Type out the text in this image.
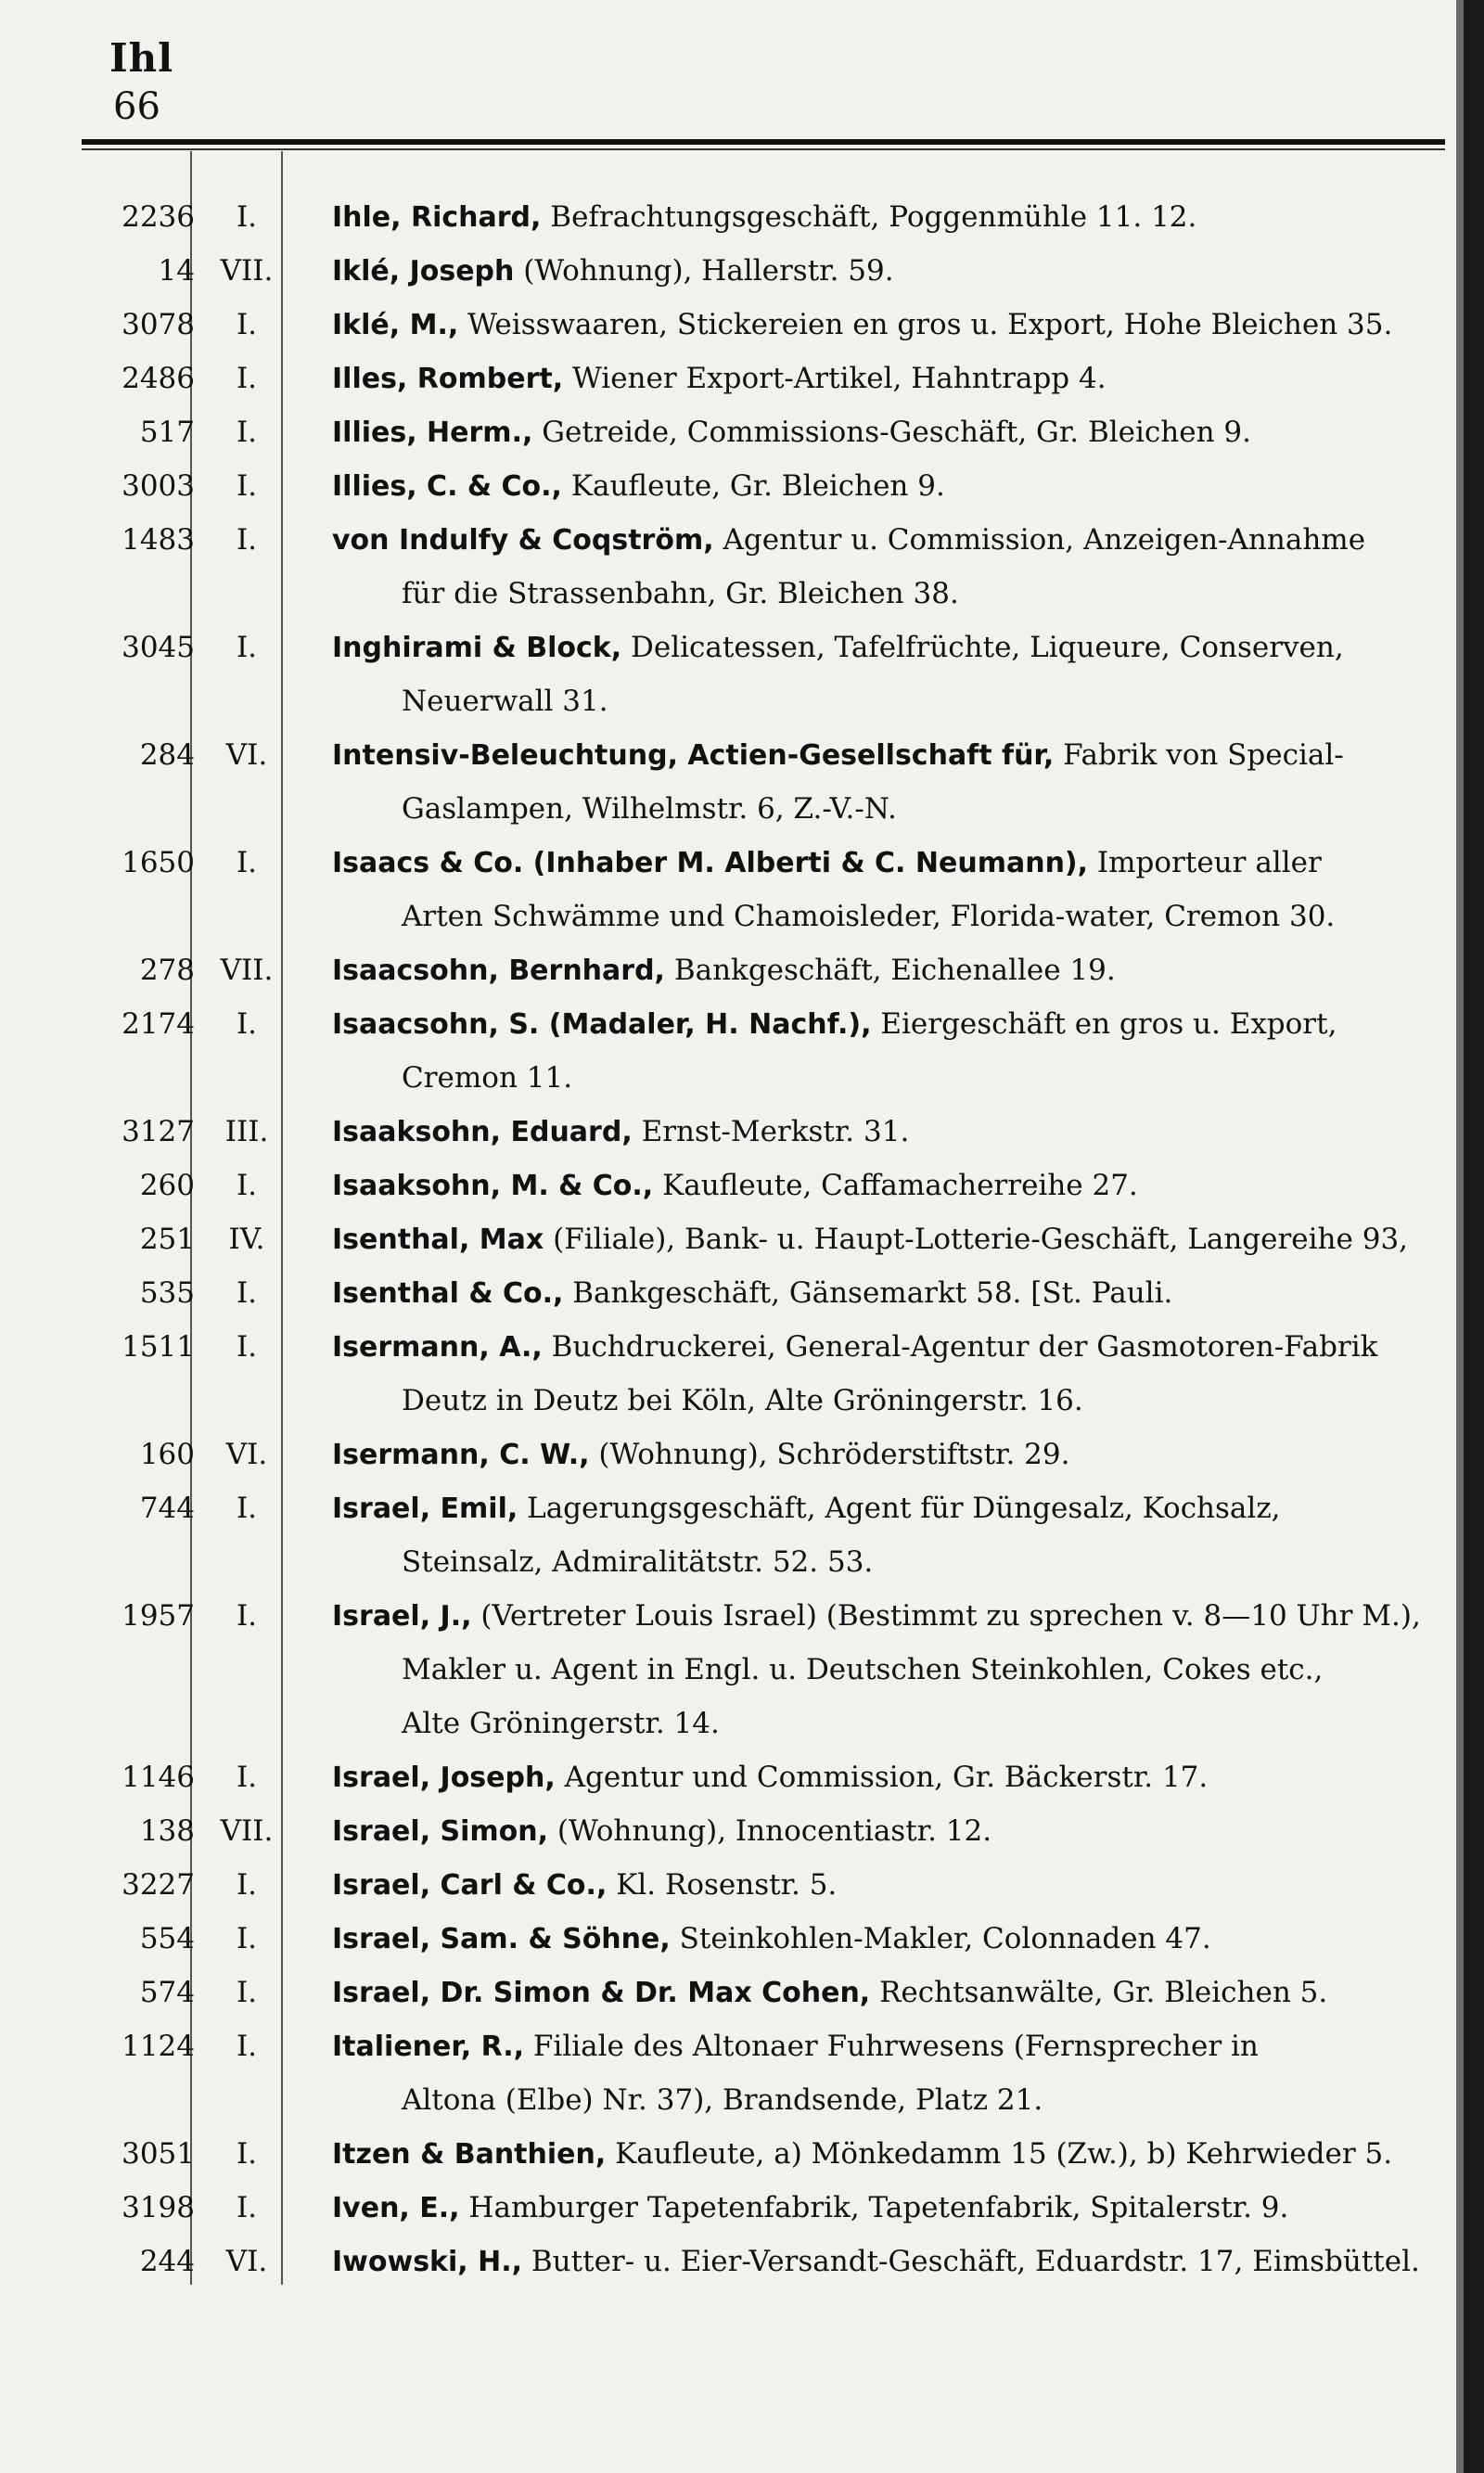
Ihl
66
2236	I.	Ihle, Richard, Befrachtungsgeschäft, Poggenmühle 11. 12.
14 VII. Iklé, Joseph (Wohnung), Hallerstr. 59.
3078	I.	Iklé, M., Weisswaaren, Stickereien en gros u. Export, Hohe Bleichen 35.
2486	I.	Illes, Rombert, Wiener Export-Artikel, Hahntrapp 4.
517	I.	Illies, Herm., Getreide, Commissions-Geschäft, Gr. Bleichen 9.
3003	I.	Illies, C. & Co., Kaufleute, Gr. Bleichen 9.
1483	I.	von Indulfy & Coqström, Agentur u. Commission, Anzeigen-Annahme
für die Strassenbahn, Gr. Bleichen 38.
3045	I.	Inghirami & Block, Delicatessen, Tafelfrüchte, Liqueure, Conserven,
Neuerwall 31.
284	VI.	Intensiv-Beleuchtung, Actien-Gesellschaft für, Fabrik von Special-
Gaslampen, Wilhelmstr. 6, Z.-V.-N.
1650	I.	Isaacs & Co. (Inhaber M. Alberti & C. Neumann), Importeur aller
Arten Schwämme und Chamoisleder, Florida-water, Cremon 30.
278 VII. Isaacsohn, Bernhard, Bankgeschäft, Eichenallee 19.
2174	I.	Isaacsohn, S. (Madaler, H. Nachf.), Eiergeschäft en gros u. Export,
Cremon 11.
3127	III.	Isaaksohn, Eduard, Ernst-Merkstr. 31.
260	I.	Isaaksohn, M. & Co., Kaufleute, Caffamacherreihe 27.
251	IV.	Isenthal, Max (Filiale), Bank- u. Haupt-Lotterie-Geschäft, Langereihe 93,
535	I.	Isenthal & Co., Bankgeschäft, Gänsemarkt 58. [St. Pauli.
1511	I.	Isermann, A., Buchdruckerei, General-Agentur der Gasmotoren-Fabrik
Deutz in Deutz bei Köln, Alte Gröningerstr. 16.
160	VI.	Isermann, C. W., (Wohnung), Schröderstiftstr. 29.
744	I.	Israel, Emil, Lagerungsgeschäft, Agent für Düngesalz, Kochsalz,
Steinsalz, Admiralitätstr. 52. 53.
1957	I.	Israel, J., (Vertreter Louis Israel) (Bestimmt zu sprechen v. 8—10 Uhr M.),
Makler u. Agent in Engl. u. Deutschen Steinkohlen, Cokes etc.,
Alte Gröningerstr. 14.
1146	I.	Israel, Joseph, Agentur und Commission, Gr. Bäckerstr. 17.
138 VII. Israel, Simon, (Wohnung), Innocentiastr. 12.
3227	I.	Israel, Carl & Co., Kl. Rosenstr. 5.
554	I.	Israel, Sam. & Söhne, Steinkohlen-Makler, Colonnaden 47.
574	I.	Israel, Dr. Simon & Dr. Max Cohen, Rechtsanwälte, Gr. Bleichen 5.
1124	I.	Italiener, R., Filiale des Altonaer Fuhrwesens (Fernsprecher in
Altona (Elbe) Nr. 37), Brandsende, Platz 21.
3051	I.	Itzen & Banthien, Kaufleute, a) Mönkedamm 15 (Zw.), b) Kehrwieder 5.
3198	I.	Iven, E., Hamburger Tapetenfabrik, Tapetenfabrik, Spitalerstr. 9.
244	VI.	Iwowski, H., Butter- u. Eier-Versandt-Geschäft, Eduardstr. 17, Eimsbüttel.
